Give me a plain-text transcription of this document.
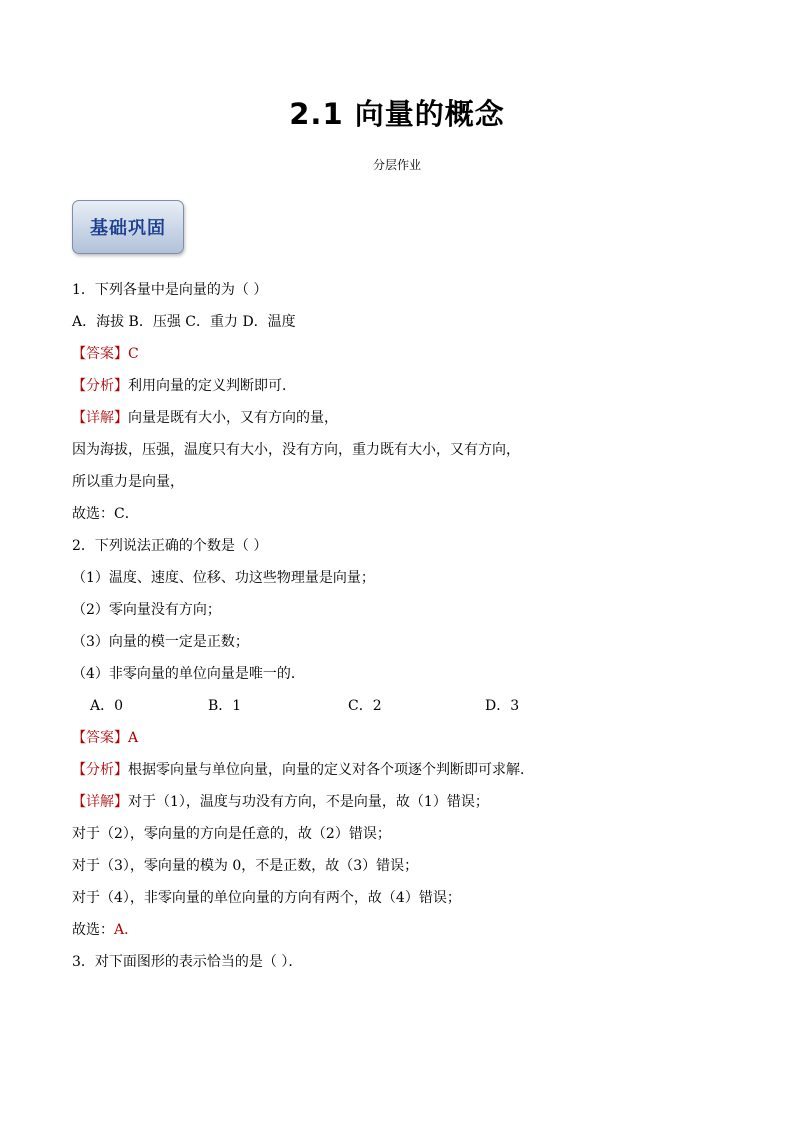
2.1 向量的概念
分层作业
基础巩固
1．下列各量中是向量的为（ ）
A．海拔 B．压强 C．重力 D．温度
【答案】C
【分析】利用向量的定义判断即可．
【详解】向量是既有大小，又有方向的量，
因为海拔，压强，温度只有大小，没有方向，重力既有大小，又有方向，
所以重力是向量，
故选：C．
2．下列说法正确的个数是（ ）
（1）温度、速度、位移、功这些物理量是向量；
（2）零向量没有方向；
（3）向量的模一定是正数；
（4）非零向量的单位向量是唯一的．
A．0	B．1	C．2	D．3
【答案】A
【分析】根据零向量与单位向量，向量的定义对各个项逐个判断即可求解．
【详解】对于（1），温度与功没有方向，不是向量，故（1）错误；
对于（2），零向量的方向是任意的，故（2）错误；
对于（3），零向量的模为 0，不是正数，故（3）错误；
对于（4），非零向量的单位向量的方向有两个，故（4）错误；
故选：A．
3．对下面图形的表示恰当的是（ ）．
